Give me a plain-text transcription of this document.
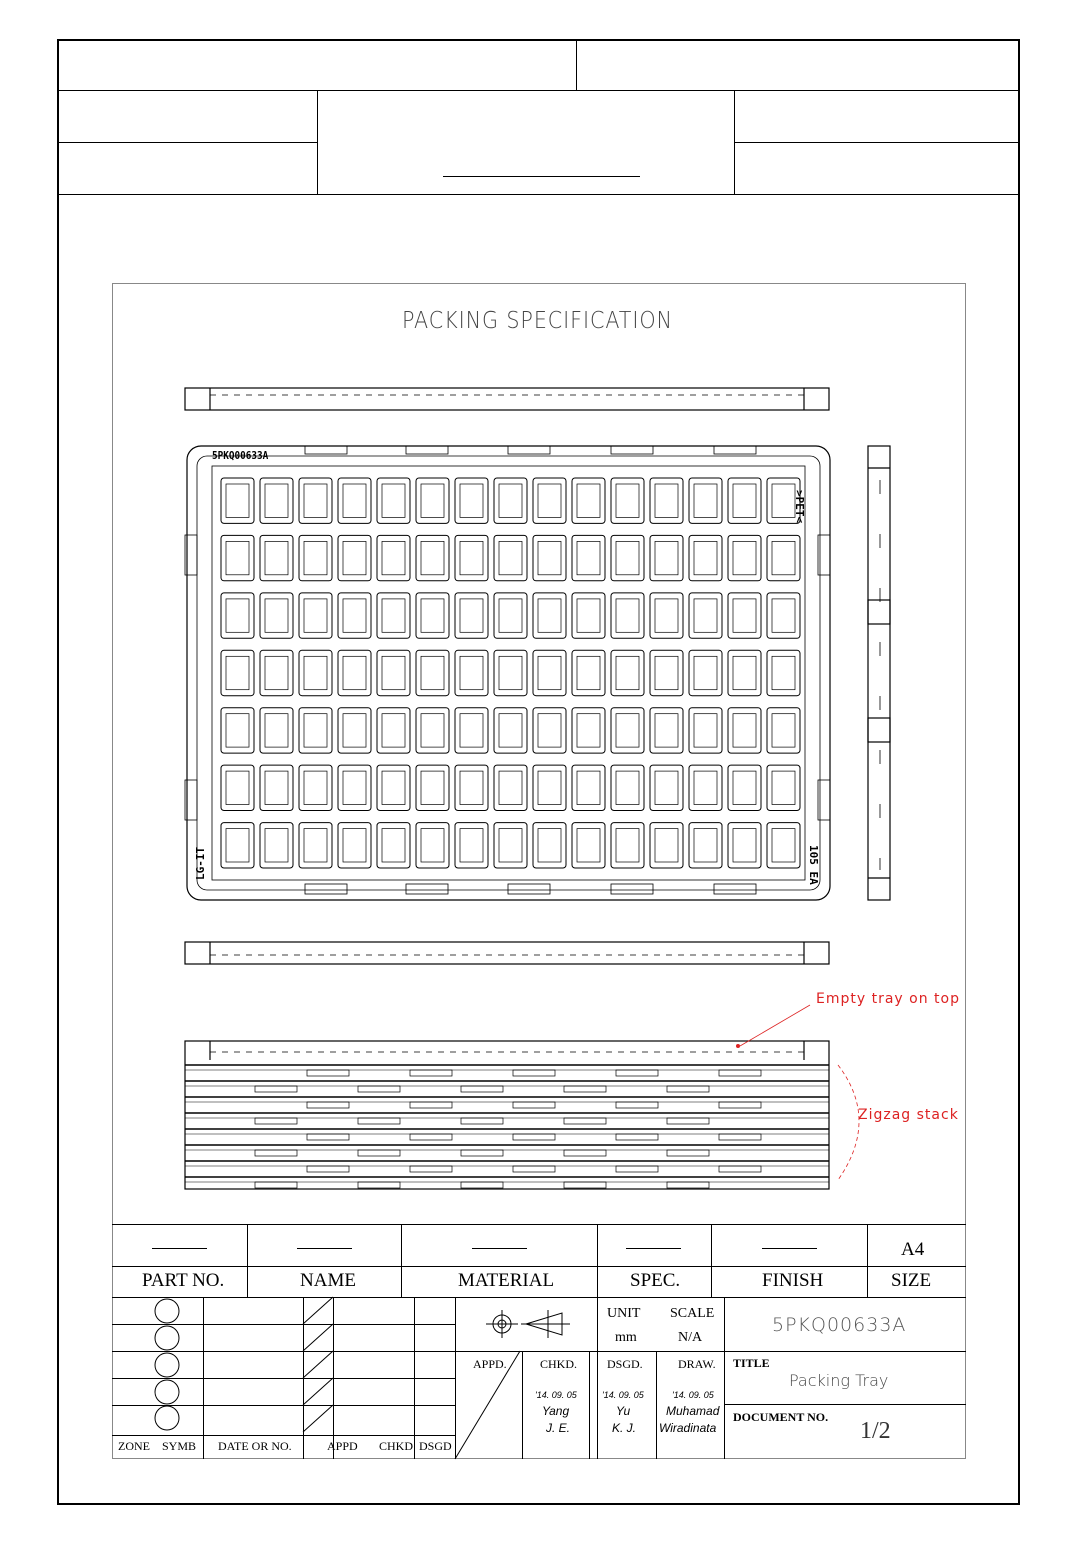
PACKING SPECIFICATION
5PKQ00633A
>PET<
LG-IT	105 EA
Empty tray on top
Zigzag stack
A4
PART NO.	NAME	MATERIAL	SPEC.	FINISH	SIZE
ZONE SYMB DATE OR NO.	APPD CHKD DSGD
UNIT
mm
SCALE
N/A
5PKQ00633A
APPD.	CHKD. DSGD.	DRAW.
'14. 09. 05
Yang
J. E.
'14. 09. 05
Yu
K. J.
'14. 09. 05
Muhamad
Wiradinata
TITLE
Packing Tray
DOCUMENT NO.
1/2
